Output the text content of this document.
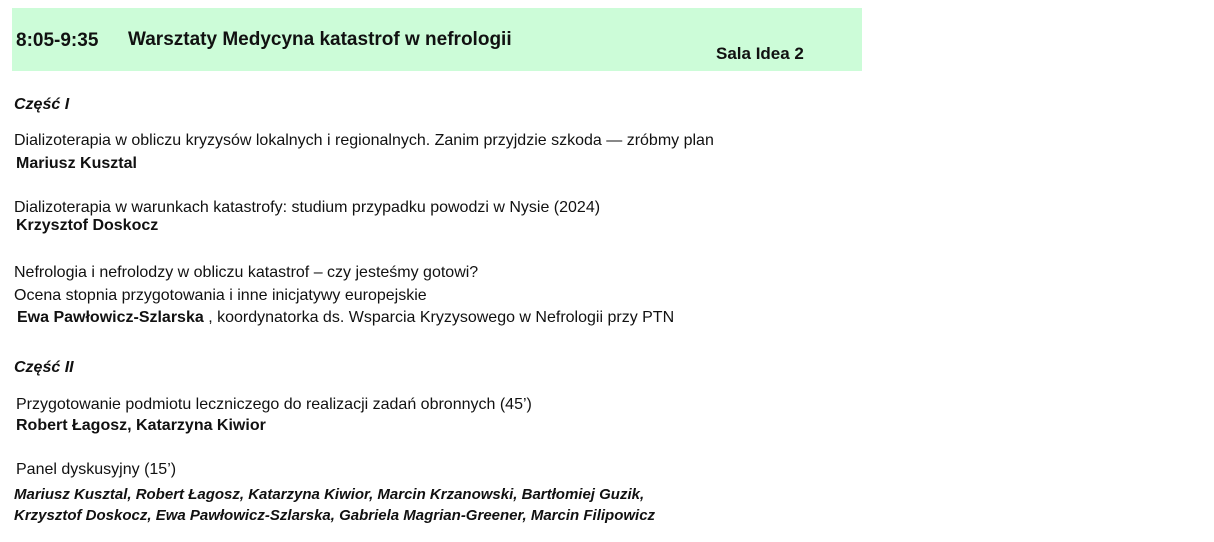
8:05-9:35 Warsztaty Medycyna katastrof w nefrologii
Sala Idea 2
Część I
Dializoterapia w obliczu kryzysów lokalnych i regionalnych. Zanim przyjdzie szkoda — zróbmy plan
Mariusz Kusztal
Dializoterapia w warunkach katastrofy: studium przypadku powodzi w Nysie (2024)
Krzysztof Doskocz
Nefrologia i nefrolodzy w obliczu katastrof – czy jesteśmy gotowi?
Ocena stopnia przygotowania i inne inicjatywy europejskie
Ewa Pawłowicz-Szlarska , koordynatorka ds. Wsparcia Kryzysowego w Nefrologii przy PTN
Część II
Przygotowanie podmiotu leczniczego do realizacji zadań obronnych (45’)
Robert Łagosz, Katarzyna Kiwior
Panel dyskusyjny (15’)
Mariusz Kusztal, Robert Łagosz, Katarzyna Kiwior, Marcin Krzanowski, Bartłomiej Guzik,
Krzysztof Doskocz, Ewa Pawłowicz-Szlarska, Gabriela Magrian-Greener, Marcin Filipowicz
